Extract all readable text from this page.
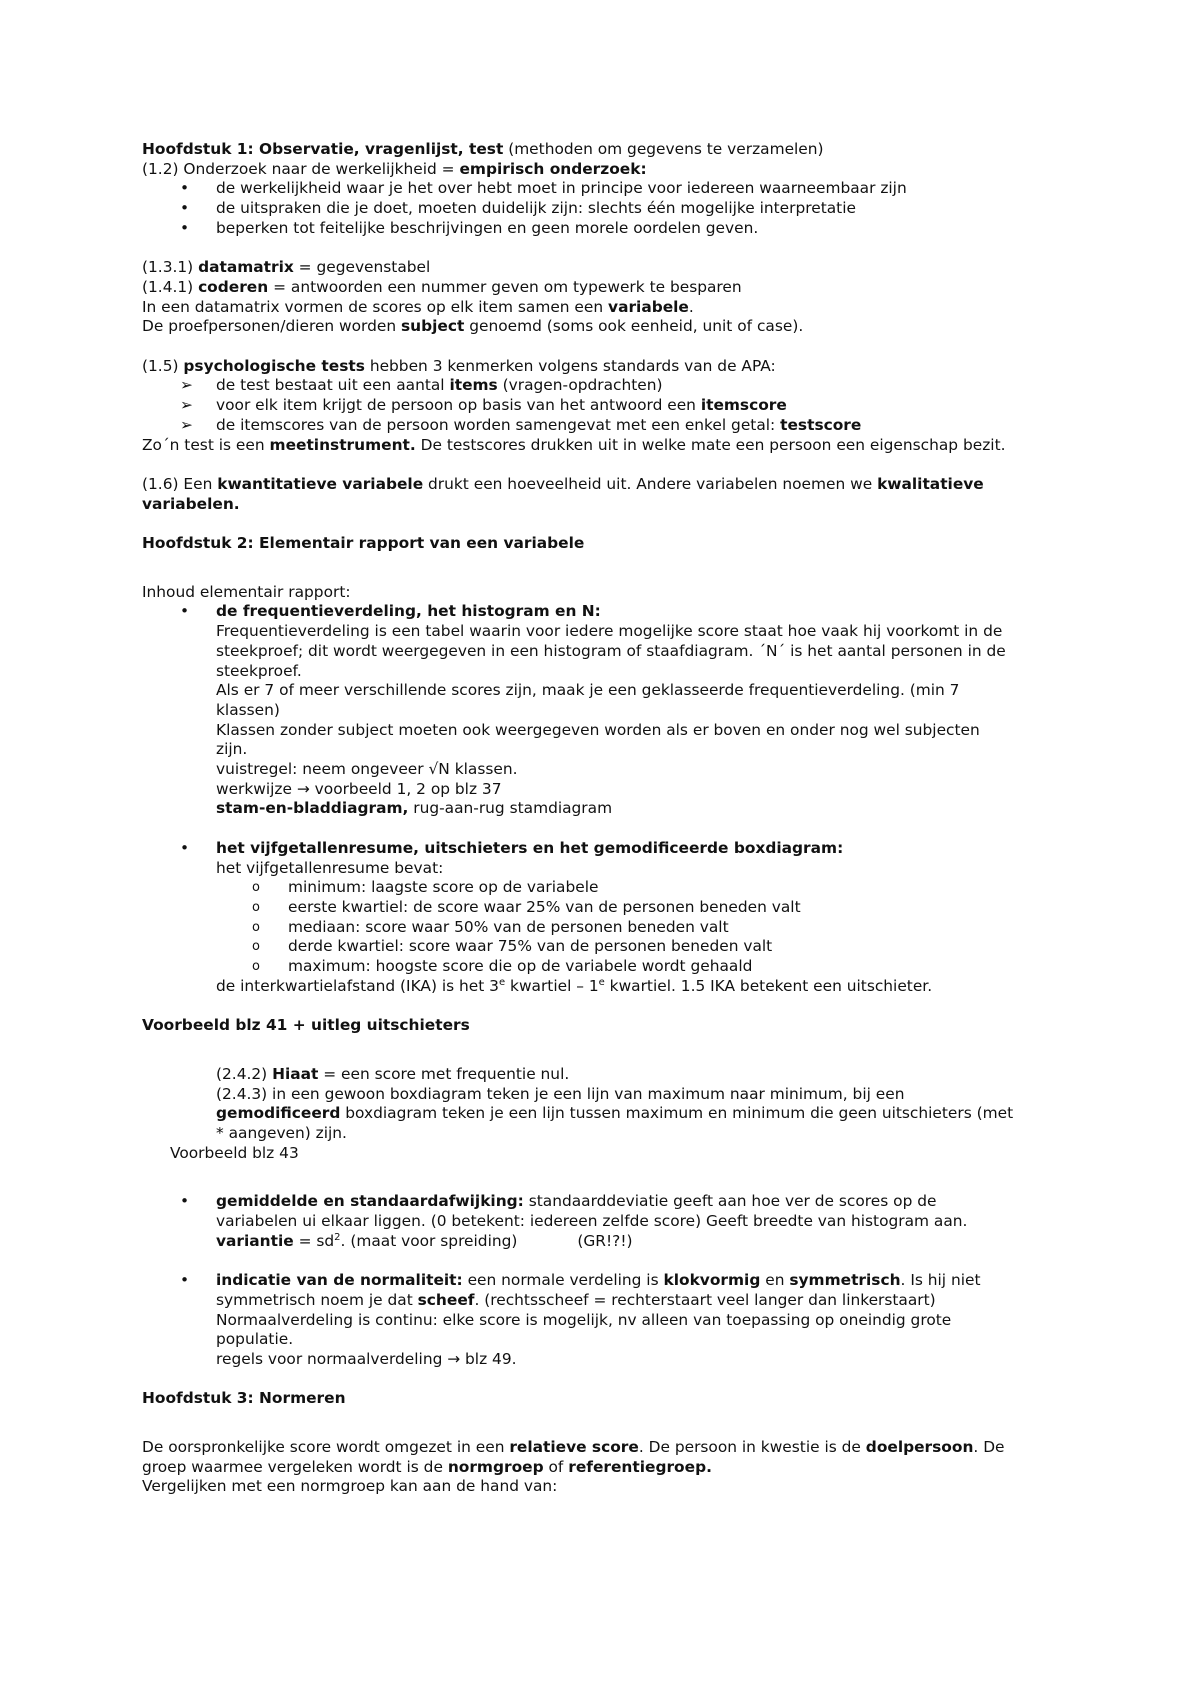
Hoofdstuk 1: Observatie, vragenlijst, test (methoden om gegevens te verzamelen)

(1.2) Onderzoek naar de werkelijkheid = empirisch onderzoek:

•	de werkelijkheid waar je het over hebt moet in principe voor iedereen waarneembaar zijn
•	de uitspraken die je doet, moeten duidelijk zijn: slechts één mogelijke interpretatie
•	beperken tot feitelijke beschrijvingen en geen morele oordelen geven.

(1.3.1) datamatrix = gegevenstabel

(1.4.1) coderen = antwoorden een nummer geven om typewerk te besparen

In een datamatrix vormen de scores op elk item samen een variabele.

De proefpersonen/dieren worden subject genoemd (soms ook eenheid, unit of case).

(1.5) psychologische tests hebben 3 kenmerken volgens standards van de APA:

➢	de test bestaat uit een aantal items (vragen-opdrachten)
➢	voor elk item krijgt de persoon op basis van het antwoord een itemscore
➢	de itemscores van de persoon worden samengevat met een enkel getal: testscore

Zo´n test is een meetinstrument. De testscores drukken uit in welke mate een persoon een eigenschap bezit.

(1.6) Een kwantitatieve variabele drukt een hoeveelheid uit. Andere variabelen noemen we kwalitatieve variabelen.

Hoofdstuk 2: Elementair rapport van een variabele

Inhoud elementair rapport:

•	de frequentieverdeling, het histogram en N:
Frequentieverdeling is een tabel waarin voor iedere mogelijke score staat hoe vaak hij voorkomt in de
steekproef; dit wordt weergegeven in een histogram of staafdiagram. ´N´ is het aantal personen in de
steekproef.
Als er 7 of meer verschillende scores zijn, maak je een geklasseerde frequentieverdeling. (min 7
klassen)
Klassen zonder subject moeten ook weergegeven worden als er boven en onder nog wel subjecten
zijn.
vuistregel: neem ongeveer √N klassen.
werkwijze → voorbeeld 1, 2 op blz 37
stam-en-bladdiagram, rug-aan-rug stamdiagram
•	het vijfgetallenresume, uitschieters en het gemodificeerde boxdiagram:
het vijfgetallenresume bevat:
o minimum: laagste score op de variabele
o eerste kwartiel: de score waar 25% van de personen beneden valt
o mediaan: score waar 50% van de personen beneden valt
o derde kwartiel: score waar 75% van de personen beneden valt
o maximum: hoogste score die op de variabele wordt gehaald

de interkwartielafstand (IKA) is het 3e kwartiel – 1e kwartiel. 1.5 IKA betekent een uitschieter.

Voorbeeld blz 41 + uitleg uitschieters

(2.4.2) Hiaat = een score met frequentie nul.

(2.4.3) in een gewoon boxdiagram teken je een lijn van maximum naar minimum, bij een
gemodificeerd boxdiagram teken je een lijn tussen maximum en minimum die geen uitschieters (met
* aangeven) zijn.

Voorbeeld blz 43

•	gemiddelde en standaardafwijking: standaarddeviatie geeft aan hoe ver de scores op de
variabelen ui elkaar liggen. (0 betekent: iedereen zelfde score) Geeft breedte van histogram aan.
variantie = $sd^2$. (maat voor spreiding)	(GR!?!)
•	indicatie van de normaliteit: een normale verdeling is klokvormig en symmetrisch. Is hij niet
symmetrisch noem je dat scheef. (rechtsscheef = rechterstaart veel langer dan linkerstaart)
Normaalverdeling is continu: elke score is mogelijk, nv alleen van toepassing op oneindig grote
populatie.
regels voor normaalverdeling → blz 49.

Hoofdstuk 3: Normeren

De oorspronkelijke score wordt omgezet in een relatieve score. De persoon in kwestie is de doelpersoon. De

groep waarmee vergeleken wordt is de normgroep of referentiegroep.

Vergelijken met een normgroep kan aan de hand van:
